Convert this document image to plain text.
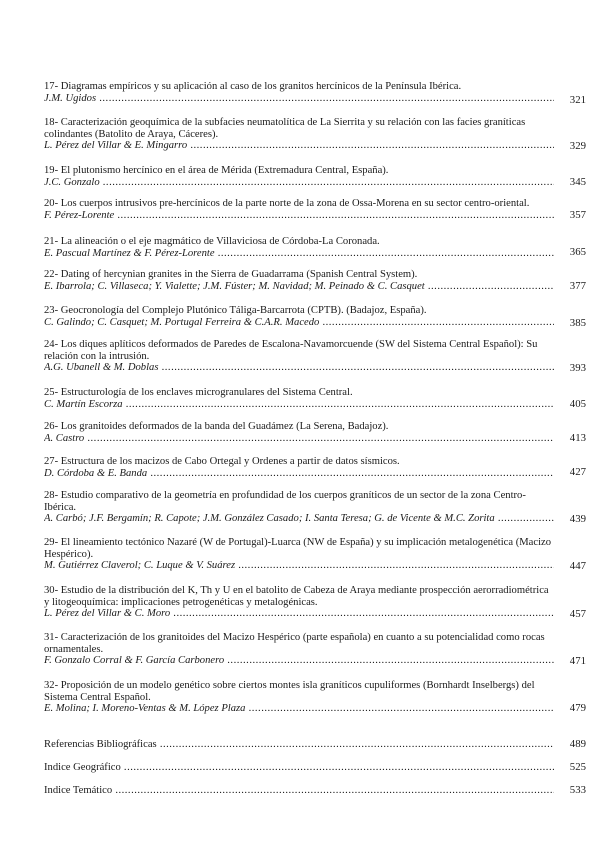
17- Diagramas empíricos y su aplicación al caso de los granitos hercínicos de la Península Ibérica.

J.M. Ugidos .....	321

18- Caracterización geoquímica de la subfacies neumatolítica de La Sierrita y su relación con las facies graníticas colindantes (Batolito de Araya, Cáceres).

L. Pérez del Villar & E. Mingarro .....	329

19- El plutonismo hercínico en el área de Mérida (Extremadura Central, España).

J.C. Gonzalo .....	345

20- Los cuerpos intrusivos pre-hercínicos de la parte norte de la zona de Ossa-Morena en su sector centro-oriental.

F. Pérez-Lorente .....	357

21- La alineación o el eje magmático de Villaviciosa de Córdoba-La Coronada.

E. Pascual Martínez & F. Pérez-Lorente .....	365

22- Dating of hercynian granites in the Sierra de Guadarrama (Spanish Central System).

E. Ibarrola; C. Villaseca; Y. Vialette; J.M. Fúster; M. Navidad; M. Peinado & C. Casquet .....	377

23- Geocronología del Complejo Plutónico Táliga-Barcarrota (CPTB). (Badajoz, España).

C. Galindo; C. Casquet; M. Portugal Ferreira & C.A.R. Macedo .....	385

24- Los diques aplíticos deformados de Paredes de Escalona-Navamorcuende (SW del Sistema Central Español): Su relación con la intrusión.

A.G. Ubanell & M. Doblas .....	393

25- Estructurología de los enclaves microgranulares del Sistema Central.

C. Martín Escorza .....	405

26- Los granitoides deformados de la banda del Guadámez (La Serena, Badajoz).

A. Castro .....	413

27- Estructura de los macizos de Cabo Ortegal y Ordenes a partir de datos sísmicos.

D. Córdoba & E. Banda .....	427

28- Estudio comparativo de la geometría en profundidad de los cuerpos graníticos de un sector de la zona Centro-Ibérica.

A. Carbó; J.F. Bergamín; R. Capote; J.M. González Casado; I. Santa Teresa; G. de Vicente & M.C. Zorita .....	439

29- El lineamiento tectónico Nazaré (W de Portugal)-Luarca (NW de España) y su implicación metalogenética (Macizo Hespérico).

M. Gutiérrez Claverol; C. Luque & V. Suárez .....	447

30- Estudio de la distribución del K, Th y U en el batolito de Cabeza de Araya mediante prospección aerorradiométrica y litogeoquímica: implicaciones petrogenéticas y metalogénicas.

L. Pérez del Villar & C. Moro .....	457

31- Caracterización de los granitoides del Macizo Hespérico (parte española) en cuanto a su potencialidad como rocas ornamentales.

F. Gonzalo Corral & F. García Carbonero .....	471

32- Proposición de un modelo genético sobre ciertos montes isla graníticos cupuliformes (Bornhardt Inselbergs) del Sistema Central Español.

E. Molina; I. Moreno-Ventas & M. López Plaza .....	479

Referencias Bibliográficas .....	489

Indice Geográfico .....	525

Indice Temático .....	533
